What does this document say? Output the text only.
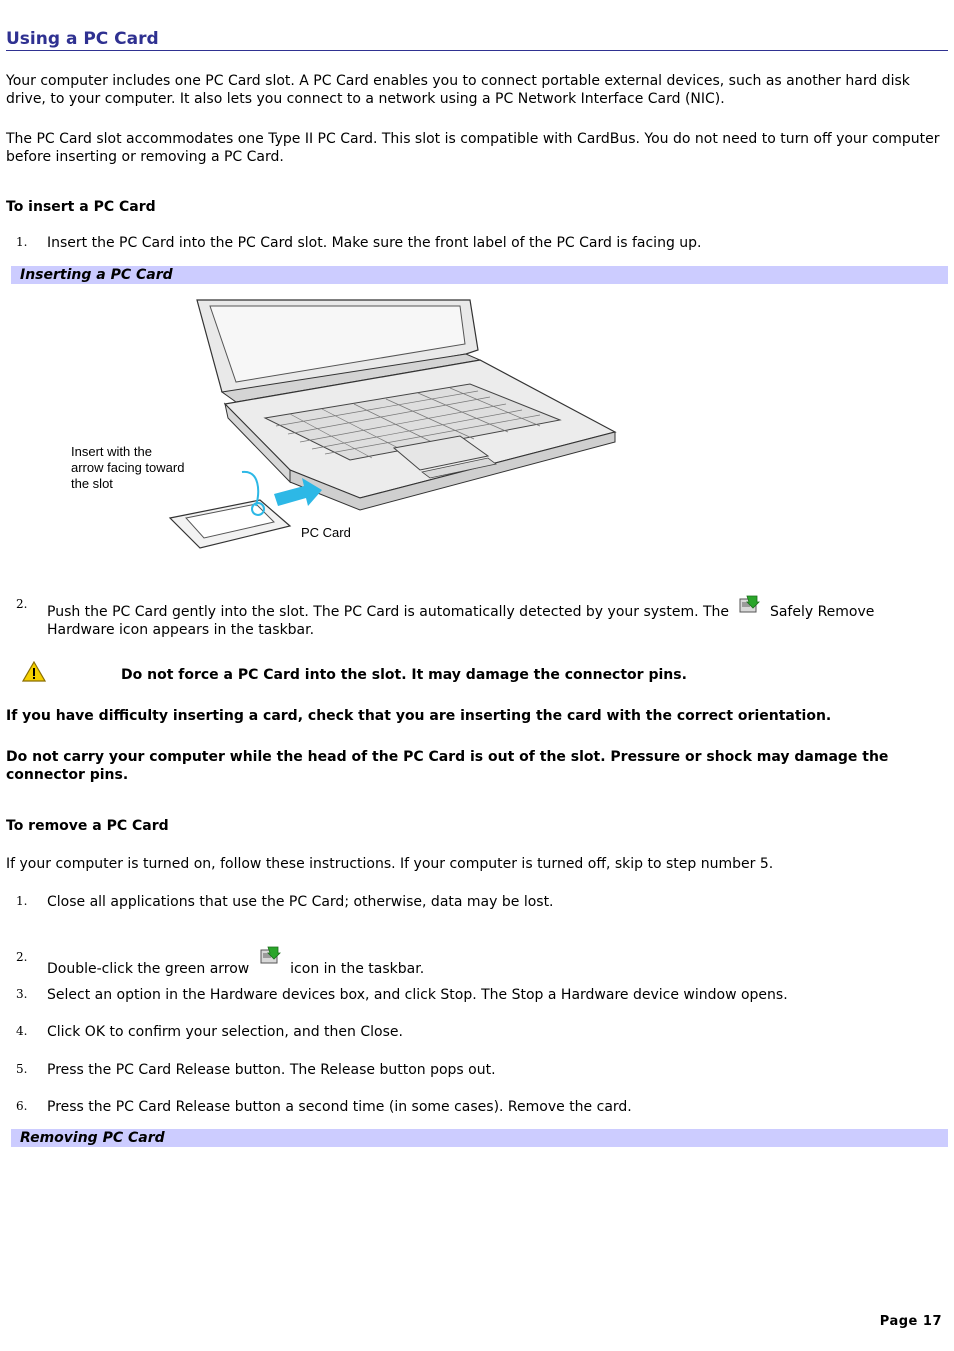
Using a PC Card
Your computer includes one PC Card slot. A PC Card enables you to connect portable external devices, such as another hard disk drive, to your computer. It also lets you connect to a network using a PC Network Interface Card (NIC).
The PC Card slot accommodates one Type II PC Card. This slot is compatible with CardBus. You do not need to turn off your computer before inserting or removing a PC Card.
To insert a PC Card
1.	Insert the PC Card into the PC Card slot. Make sure the front label of the PC Card is facing up.
Inserting a PC Card
Insert with the
arrow facing toward
the slot
PC Card
2.	Push the PC Card gently into the slot. The PC Card is automatically detected by your system. The	Safely Remove Hardware icon appears in the taskbar.
Do not force a PC Card into the slot. It may damage the connector pins.
If you have difficulty inserting a card, check that you are inserting the card with the correct orientation.
Do not carry your computer while the head of the PC Card is out of the slot. Pressure or shock may damage the connector pins.
To remove a PC Card
If your computer is turned on, follow these instructions. If your computer is turned off, skip to step number 5.
1.	Close all applications that use the PC Card; otherwise, data may be lost.
2.
Double-click the green arrow	icon in the taskbar.
3.	Select an option in the Hardware devices box, and click Stop. The Stop a Hardware device window opens.
4.	Click OK to confirm your selection, and then Close.
5.	Press the PC Card Release button. The Release button pops out.
6.	Press the PC Card Release button a second time (in some cases). Remove the card.
Removing PC Card
Page 17
